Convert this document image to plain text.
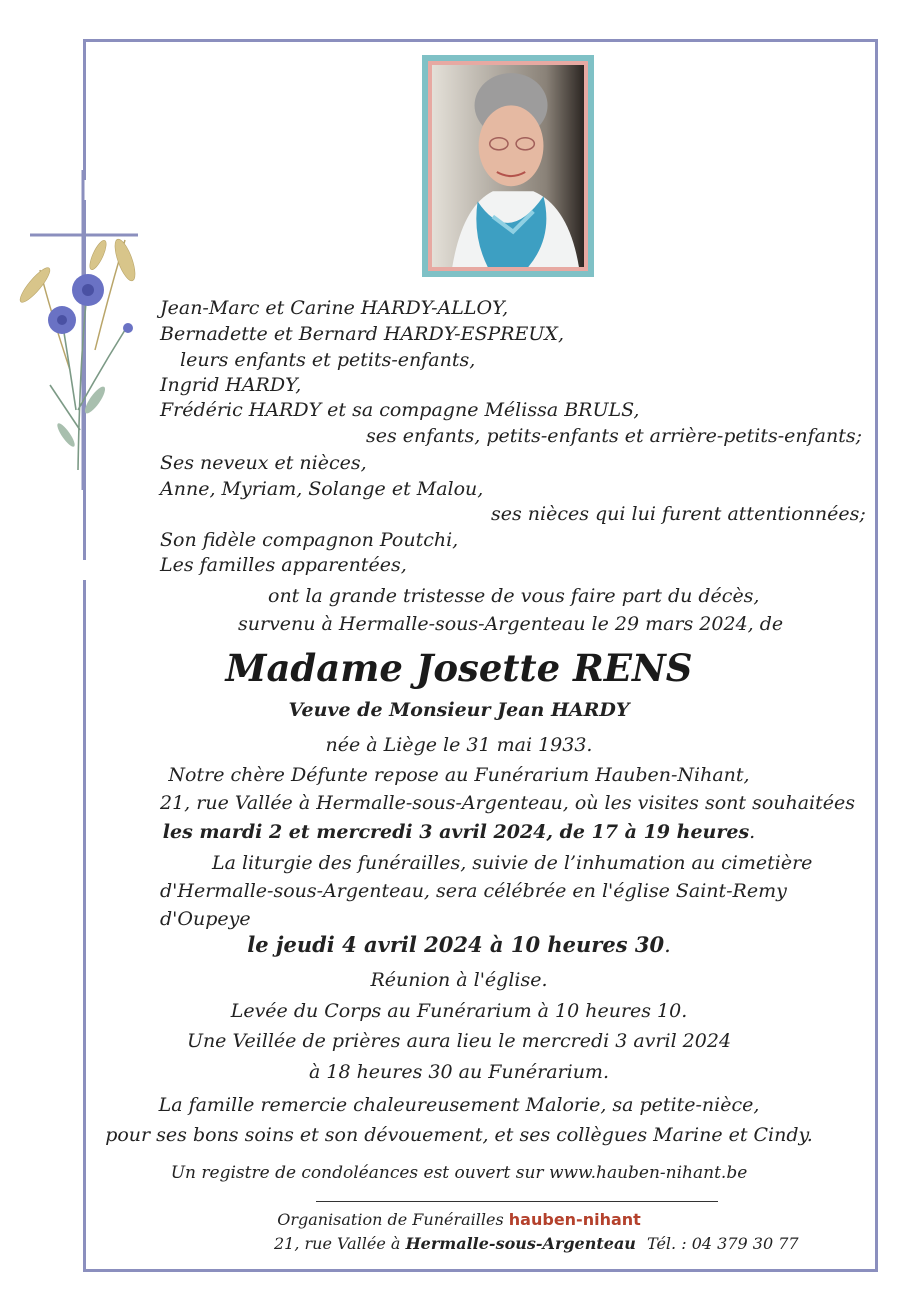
Jean-Marc et Carine HARDY-ALLOY,
Bernadette et Bernard HARDY-ESPREUX,
leurs enfants et petits-enfants,
Ingrid HARDY,
Frédéric HARDY et sa compagne Mélissa BRULS,
ses enfants, petits-enfants et arrière-petits-enfants;
Ses neveux et nièces,
Anne, Myriam, Solange et Malou,
ses nièces qui lui furent attentionnées;
Son fidèle compagnon Poutchi,
Les familles apparentées,
ont la grande tristesse de vous faire part du décès,
survenu à Hermalle-sous-Argenteau le 29 mars 2024, de
Madame Josette RENS
Veuve de Monsieur Jean HARDY
née à Liège le 31 mai 1933.
Notre chère Défunte repose au Funérarium Hauben-Nihant,
21, rue Vallée à Hermalle-sous-Argenteau, où les visites sont souhaitées
les mardi 2 et mercredi 3 avril 2024, de 17 à 19 heures.
La liturgie des funérailles, suivie de l’inhumation au cimetière
d'Hermalle-sous-Argenteau, sera célébrée en l'église Saint-Remy
d'Oupeye
le jeudi 4 avril 2024 à 10 heures 30.
Réunion à l'église.
Levée du Corps au Funérarium à 10 heures 10.
Une Veillée de prières aura lieu le mercredi 3 avril 2024
à 18 heures 30 au Funérarium.
La famille remercie chaleureusement Malorie, sa petite-nièce,
pour ses bons soins et son dévouement, et ses collègues Marine et Cindy.
Un registre de condoléances est ouvert sur www.hauben-nihant.be
Organisation de Funérailles hauben-nihant
21, rue Vallée à Hermalle-sous-Argenteau Tél. : 04 379 30 77
